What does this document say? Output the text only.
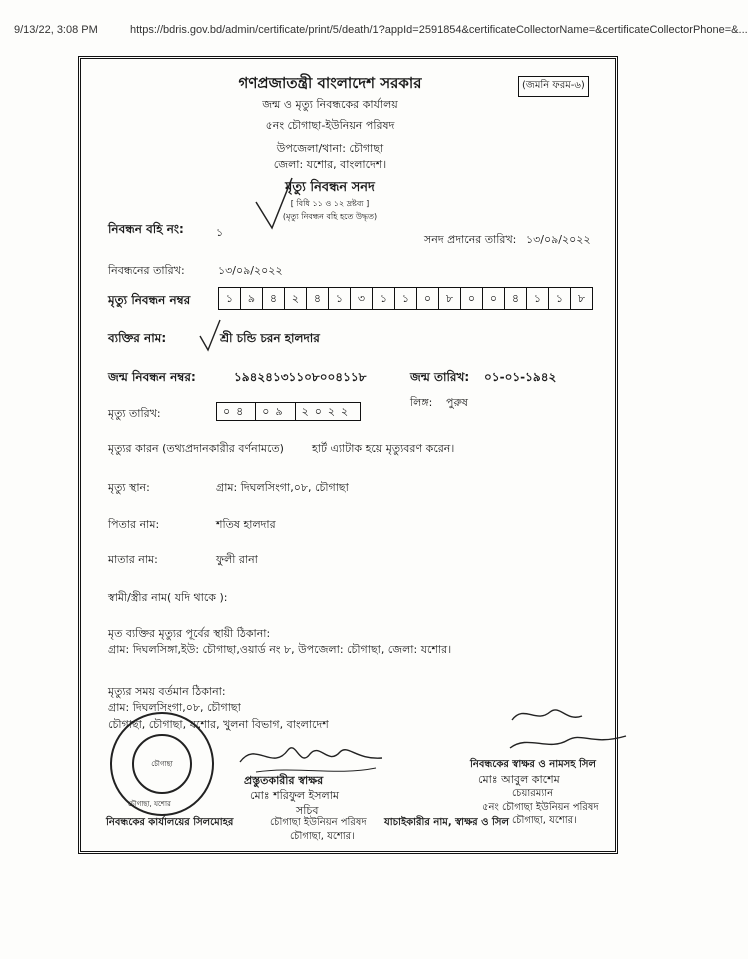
9/13/22, 3:08 PM	https://bdris.gov.bd/admin/certificate/print/5/death/1?appId=2591854&certificateCollectorName=&certificateCollectorPhone=&...
গণপ্রজাতন্ত্রী বাংলাদেশ সরকার	(জমনি ফরম-৬)
জন্ম ও মৃত্যু নিবন্ধকের কার্যালয়
৫নং চৌগাছা-ইউনিয়ন পরিষদ
উপজেলা/থানা: চৌগাছা
জেলা: যশোর, বাংলাদেশ।
মৃত্যু নিবন্ধন সনদ
[ বিধি ১১ ও ১২ দ্রষ্টব্য ]
(মৃত্যু নিবন্ধন বহি হতে উদ্ধৃত)
নিবন্ধন বহি নং:	১
সনদ প্রদানের তারিখ: ১৩/০৯/২০২২
নিবন্ধনের তারিখ:	১৩/০৯/২০২২
মৃত্যু নিবন্ধন নম্বর	১	৯	৪	২	৪	১	৩	১	১	০	৮	০	০	৪	১	১	৮
ব্যক্তির নাম:	শ্রী চন্ডি চরন হালদার
জন্ম নিবন্ধন নম্বর:	১৯৪২৪১৩১১০৮০০৪১১৮	জন্ম তারিখ: ০১-০১-১৯৪২
লিঙ্গ: পুরুষ
মৃত্যু তারিখ:	০৪	০৯	২০২২
মৃত্যুর কারন (তথ্যপ্রদানকারীর বর্ণনামতে)	হার্ট এ্যাটাক হয়ে মৃত্যুবরণ করেন।
মৃত্যু স্থান:	গ্রাম: দিঘলসিংগা,০৮, চৌগাছা
পিতার নাম:	শতিষ হালদার
মাতার নাম:	ফুলী রানা
স্বামী/স্ত্রীর নাম( যদি থাকে ):
মৃত ব্যক্তির মৃত্যুর পূর্বের স্থায়ী ঠিকানা:
গ্রাম: দিঘলসিঙ্গা,ইউ: চৌগাছা,ওয়ার্ড নং ৮, উপজেলা: চৌগাছা, জেলা: যশোর।
মৃত্যুর সময় বর্তমান ঠিকানা:
গ্রাম: দিঘলসিংগা,০৮, চৌগাছা
চৌগাছা, চৌগাছা, যশোর, খুলনা বিভাগ, বাংলাদেশ
চৌগাছা
চৌগাছা, যশোর
প্রস্তুতকারীর স্বাক্ষর
মোঃ শরিফুল ইসলাম
সচিব
নিবন্ধকের কার্যালয়ের সিলমোহর	চৌগাছা ইউনিয়ন পরিষদ যাচাইকারীর নাম, স্বাক্ষর ও সিল
চৌগাছা, যশোর।
নিবন্ধকের স্বাক্ষর ও নামসহ সিল
মোঃ আবুল কাশেম
চেয়ারম্যান
৫নং চৌগাছা ইউনিয়ন পরিষদ
চৌগাছা, যশোর।
